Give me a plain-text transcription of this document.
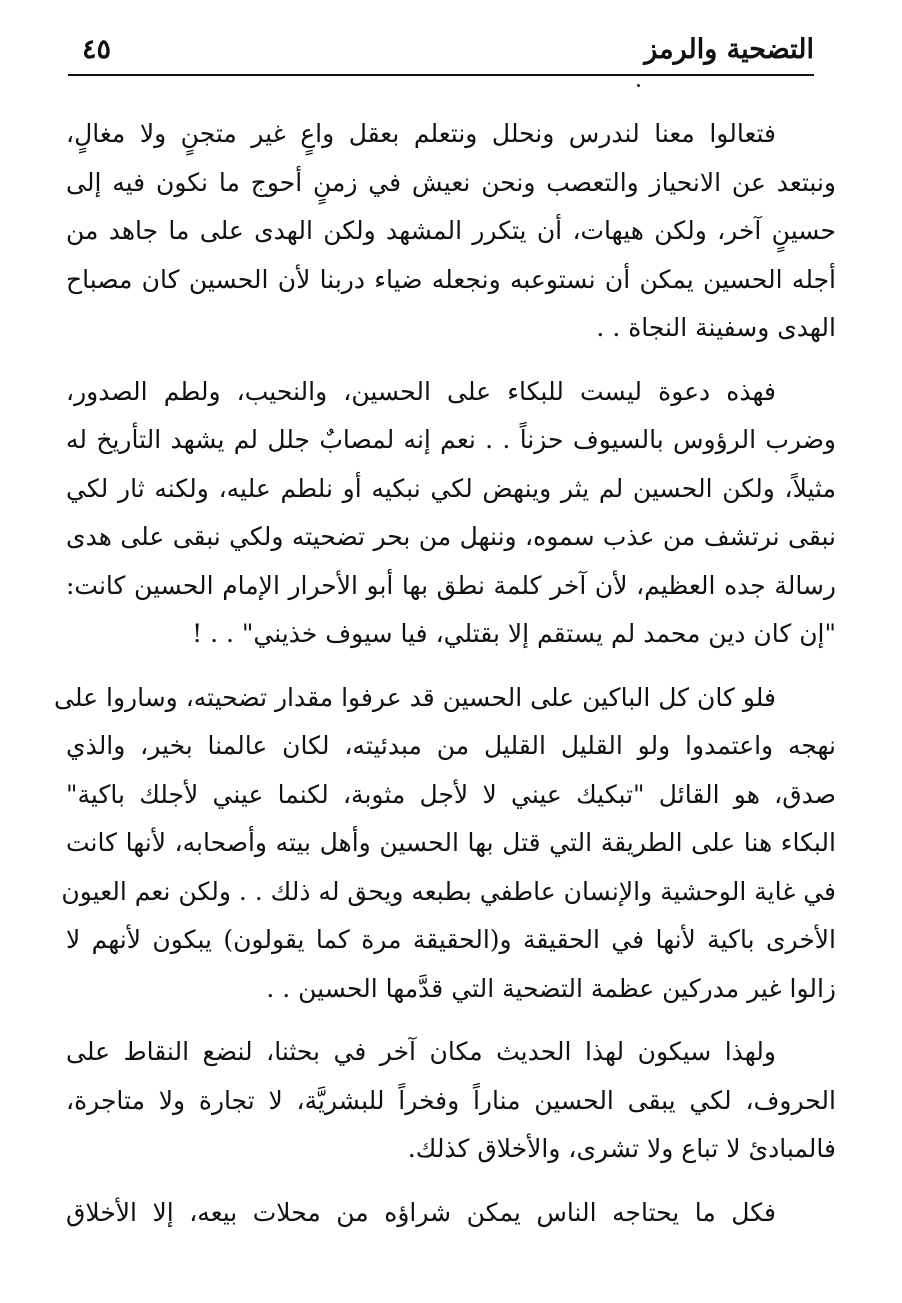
التضحية والرمز
٤٥

فتعالوا معنا لندرس ونحلل ونتعلم بعقل واعٍ غير متجنٍ ولا مغالٍ،
ونبتعد عن الانحياز والتعصب ونحن نعيش في زمنٍ أحوج ما نكون فيه إلى
حسينٍ آخر، ولكن هيهات، أن يتكرر المشهد ولكن الهدى على ما جاهد من
أجله الحسين يمكن أن نستوعبه ونجعله ضياء دربنا لأن الحسين كان مصباح
الهدى وسفينة النجاة . .

فهذه دعوة ليست للبكاء على الحسين، والنحيب، ولطم الصدور،
وضرب الرؤوس بالسيوف حزناً . . نعم إنه لمصابٌ جلل لم يشهد التأريخ له
مثيلاً، ولكن الحسين لم يثر وينهض لكي نبكيه أو نلطم عليه، ولكنه ثار لكي
نبقى نرتشف من عذب سموه، وننهل من بحر تضحيته ولكي نبقى على هدى
رسالة جده العظيم، لأن آخر كلمة نطق بها أبو الأحرار الإمام الحسين كانت:
"إن كان دين محمد لم يستقم إلا بقتلي، فيا سيوف خذيني" . . !

فلو كان كل الباكين على الحسين قد عرفوا مقدار تضحيته، وساروا على
نهجه واعتمدوا ولو القليل القليل من مبدئيته، لكان عالمنا بخير، والذي
صدق، هو القائل "تبكيك عيني لا لأجل مثوبة، لكنما عيني لأجلك باكية"
البكاء هنا على الطريقة التي قتل بها الحسين وأهل بيته وأصحابه، لأنها كانت
في غاية الوحشية والإنسان عاطفي بطبعه ويحق له ذلك . . ولكن نعم العيون
الأخرى باكية لأنها في الحقيقة و(الحقيقة مرة كما يقولون) يبكون لأنهم لا
زالوا غير مدركين عظمة التضحية التي قدَّمها الحسين . .

ولهذا سيكون لهذا الحديث مكان آخر في بحثنا، لنضع النقاط على
الحروف، لكي يبقى الحسين مناراً وفخراً للبشريَّة، لا تجارة ولا متاجرة،
فالمبادئ لا تباع ولا تشرى، والأخلاق كذلك.

فكل ما يحتاجه الناس يمكن شراؤه من محلات بيعه، إلا الأخلاق
